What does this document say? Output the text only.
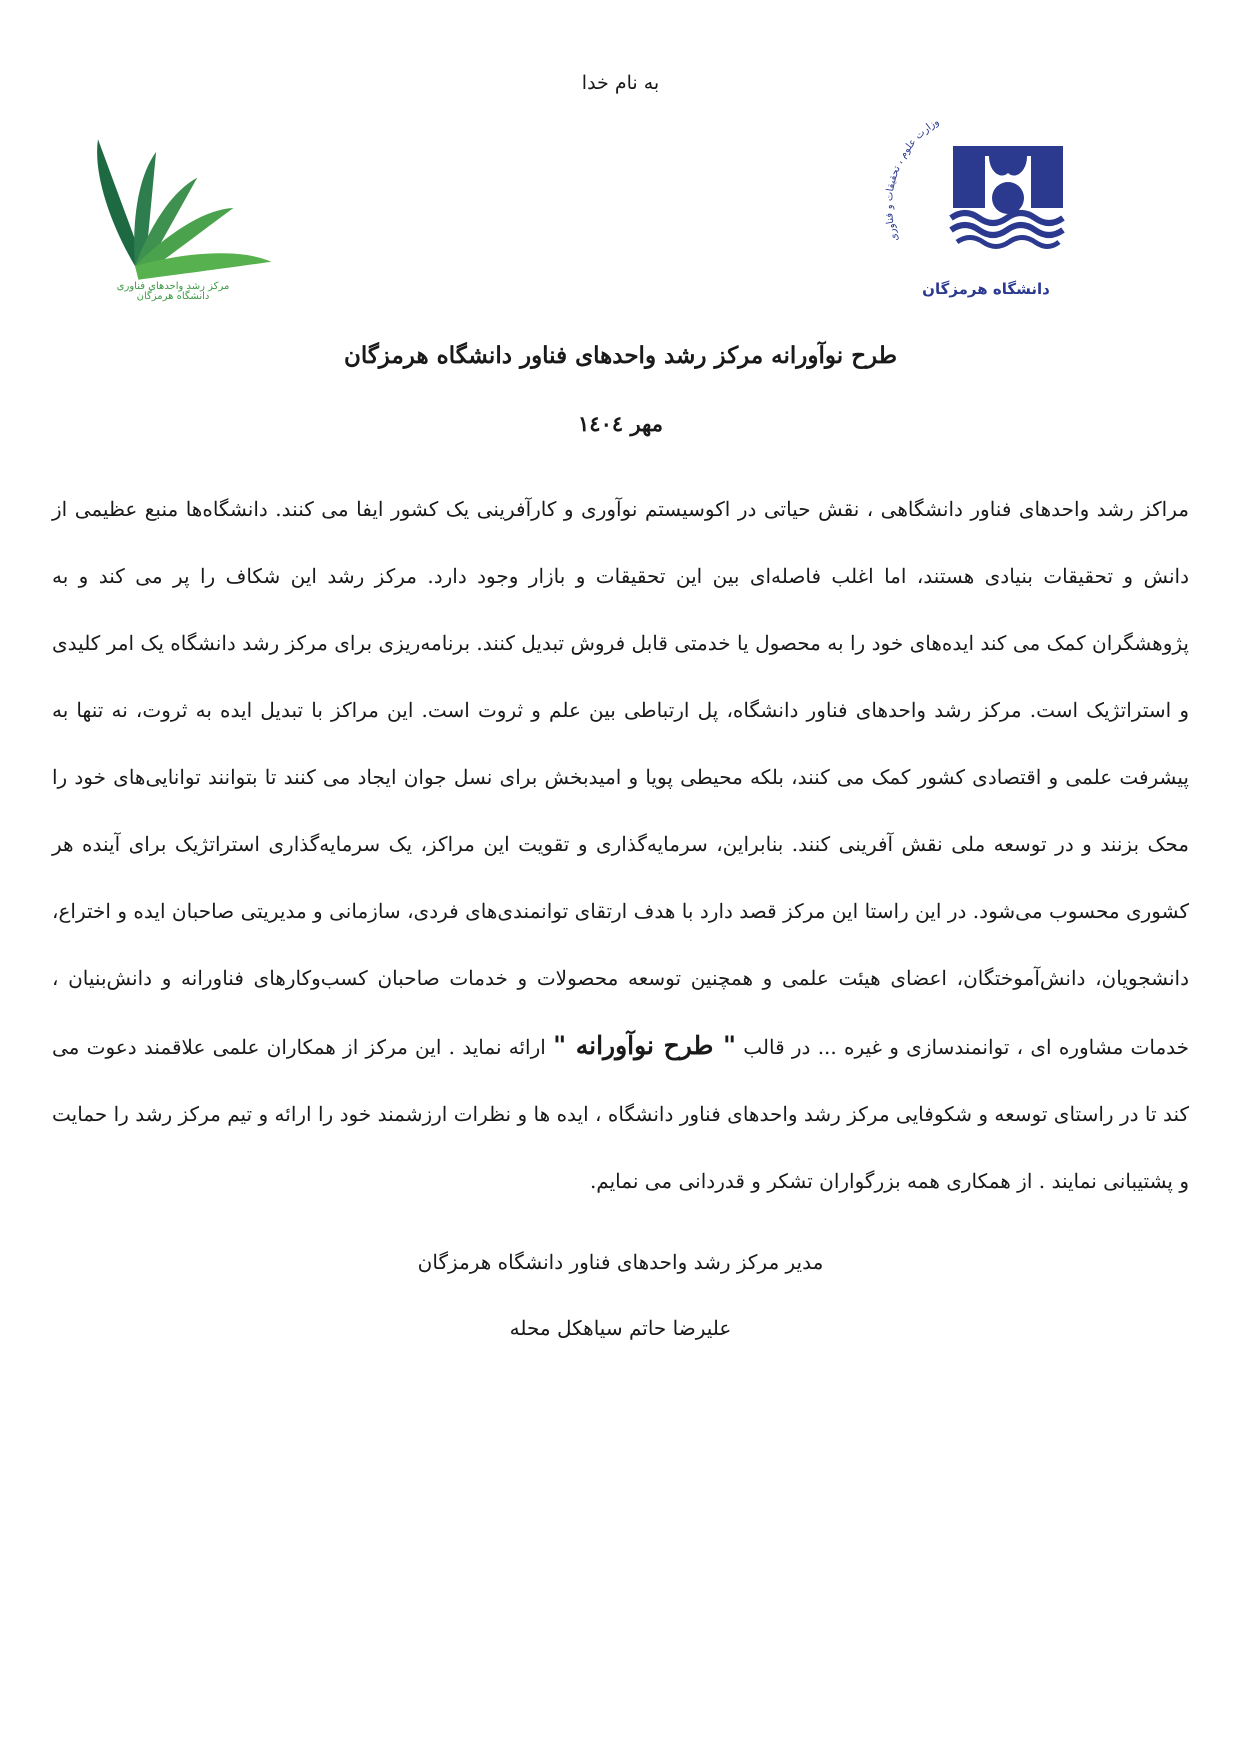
به نام خدا
مرکز رشد واحدهای فناوری
دانشگاه هرمزگان
وزارت علوم ، تحقیقات و فناوری
دانشگاه هرمزگان
طرح نوآورانه مرکز رشد واحدهای فناور دانشگاه هرمزگان
مهر ١٤٠٤

مراکز رشد واحدهای فناور دانشگاهی ، نقش حیاتی در اکوسیستم نوآوری و کارآفرینی یک کشور ایفا می کنند. دانشگاه‌ها منبع عظیمی از دانش و تحقیقات بنیادی هستند، اما اغلب فاصله‌ای بین این تحقیقات و بازار وجود دارد. مرکز رشد این شکاف را پر می کند و به پژوهشگران کمک می کند ایده‌های خود را به محصول یا خدمتی قابل فروش تبدیل کنند. برنامه‌ریزی برای مرکز رشد دانشگاه یک امر کلیدی و استراتژیک است. مرکز رشد واحدهای فناور دانشگاه، پل ارتباطی بین علم و ثروت است. این مراکز با تبدیل ایده به ثروت، نه تنها به پیشرفت علمی و اقتصادی کشور کمک می کنند، بلکه محیطی پویا و امیدبخش برای نسل جوان ایجاد می کنند تا بتوانند توانایی‌های خود را محک بزنند و در توسعه ملی نقش آفرینی کنند. بنابراین، سرمایه‌گذاری و تقویت این مراکز، یک سرمایه‌گذاری استراتژیک برای آینده هر کشوری محسوب می‌شود. در این راستا این مرکز قصد دارد با هدف ارتقای توانمندی‌های فردی، سازمانی و مدیریتی صاحبان ایده و اختراع، دانشجویان، دانش‌آموختگان، اعضای هیئت علمی و همچنین توسعه محصولات و خدمات صاحبان کسب‌وکارهای فناورانه و دانش‌بنیان ، خدمات مشاوره ای ، توانمندسازی و غیره ... در قالب " طرح نوآورانه " ارائه نماید . این مرکز از همکاران علمی علاقمند دعوت می کند تا در راستای توسعه و شکوفایی مرکز رشد واحدهای فناور دانشگاه ، ایده ها و نظرات ارزشمند خود را ارائه و تیم مرکز رشد را حمایت و پشتیبانی نمایند . از همکاری همه بزرگواران تشکر و قدردانی می نمایم.

مدیر مرکز رشد واحدهای فناور دانشگاه هرمزگان
علیرضا حاتم سیاهکل محله
